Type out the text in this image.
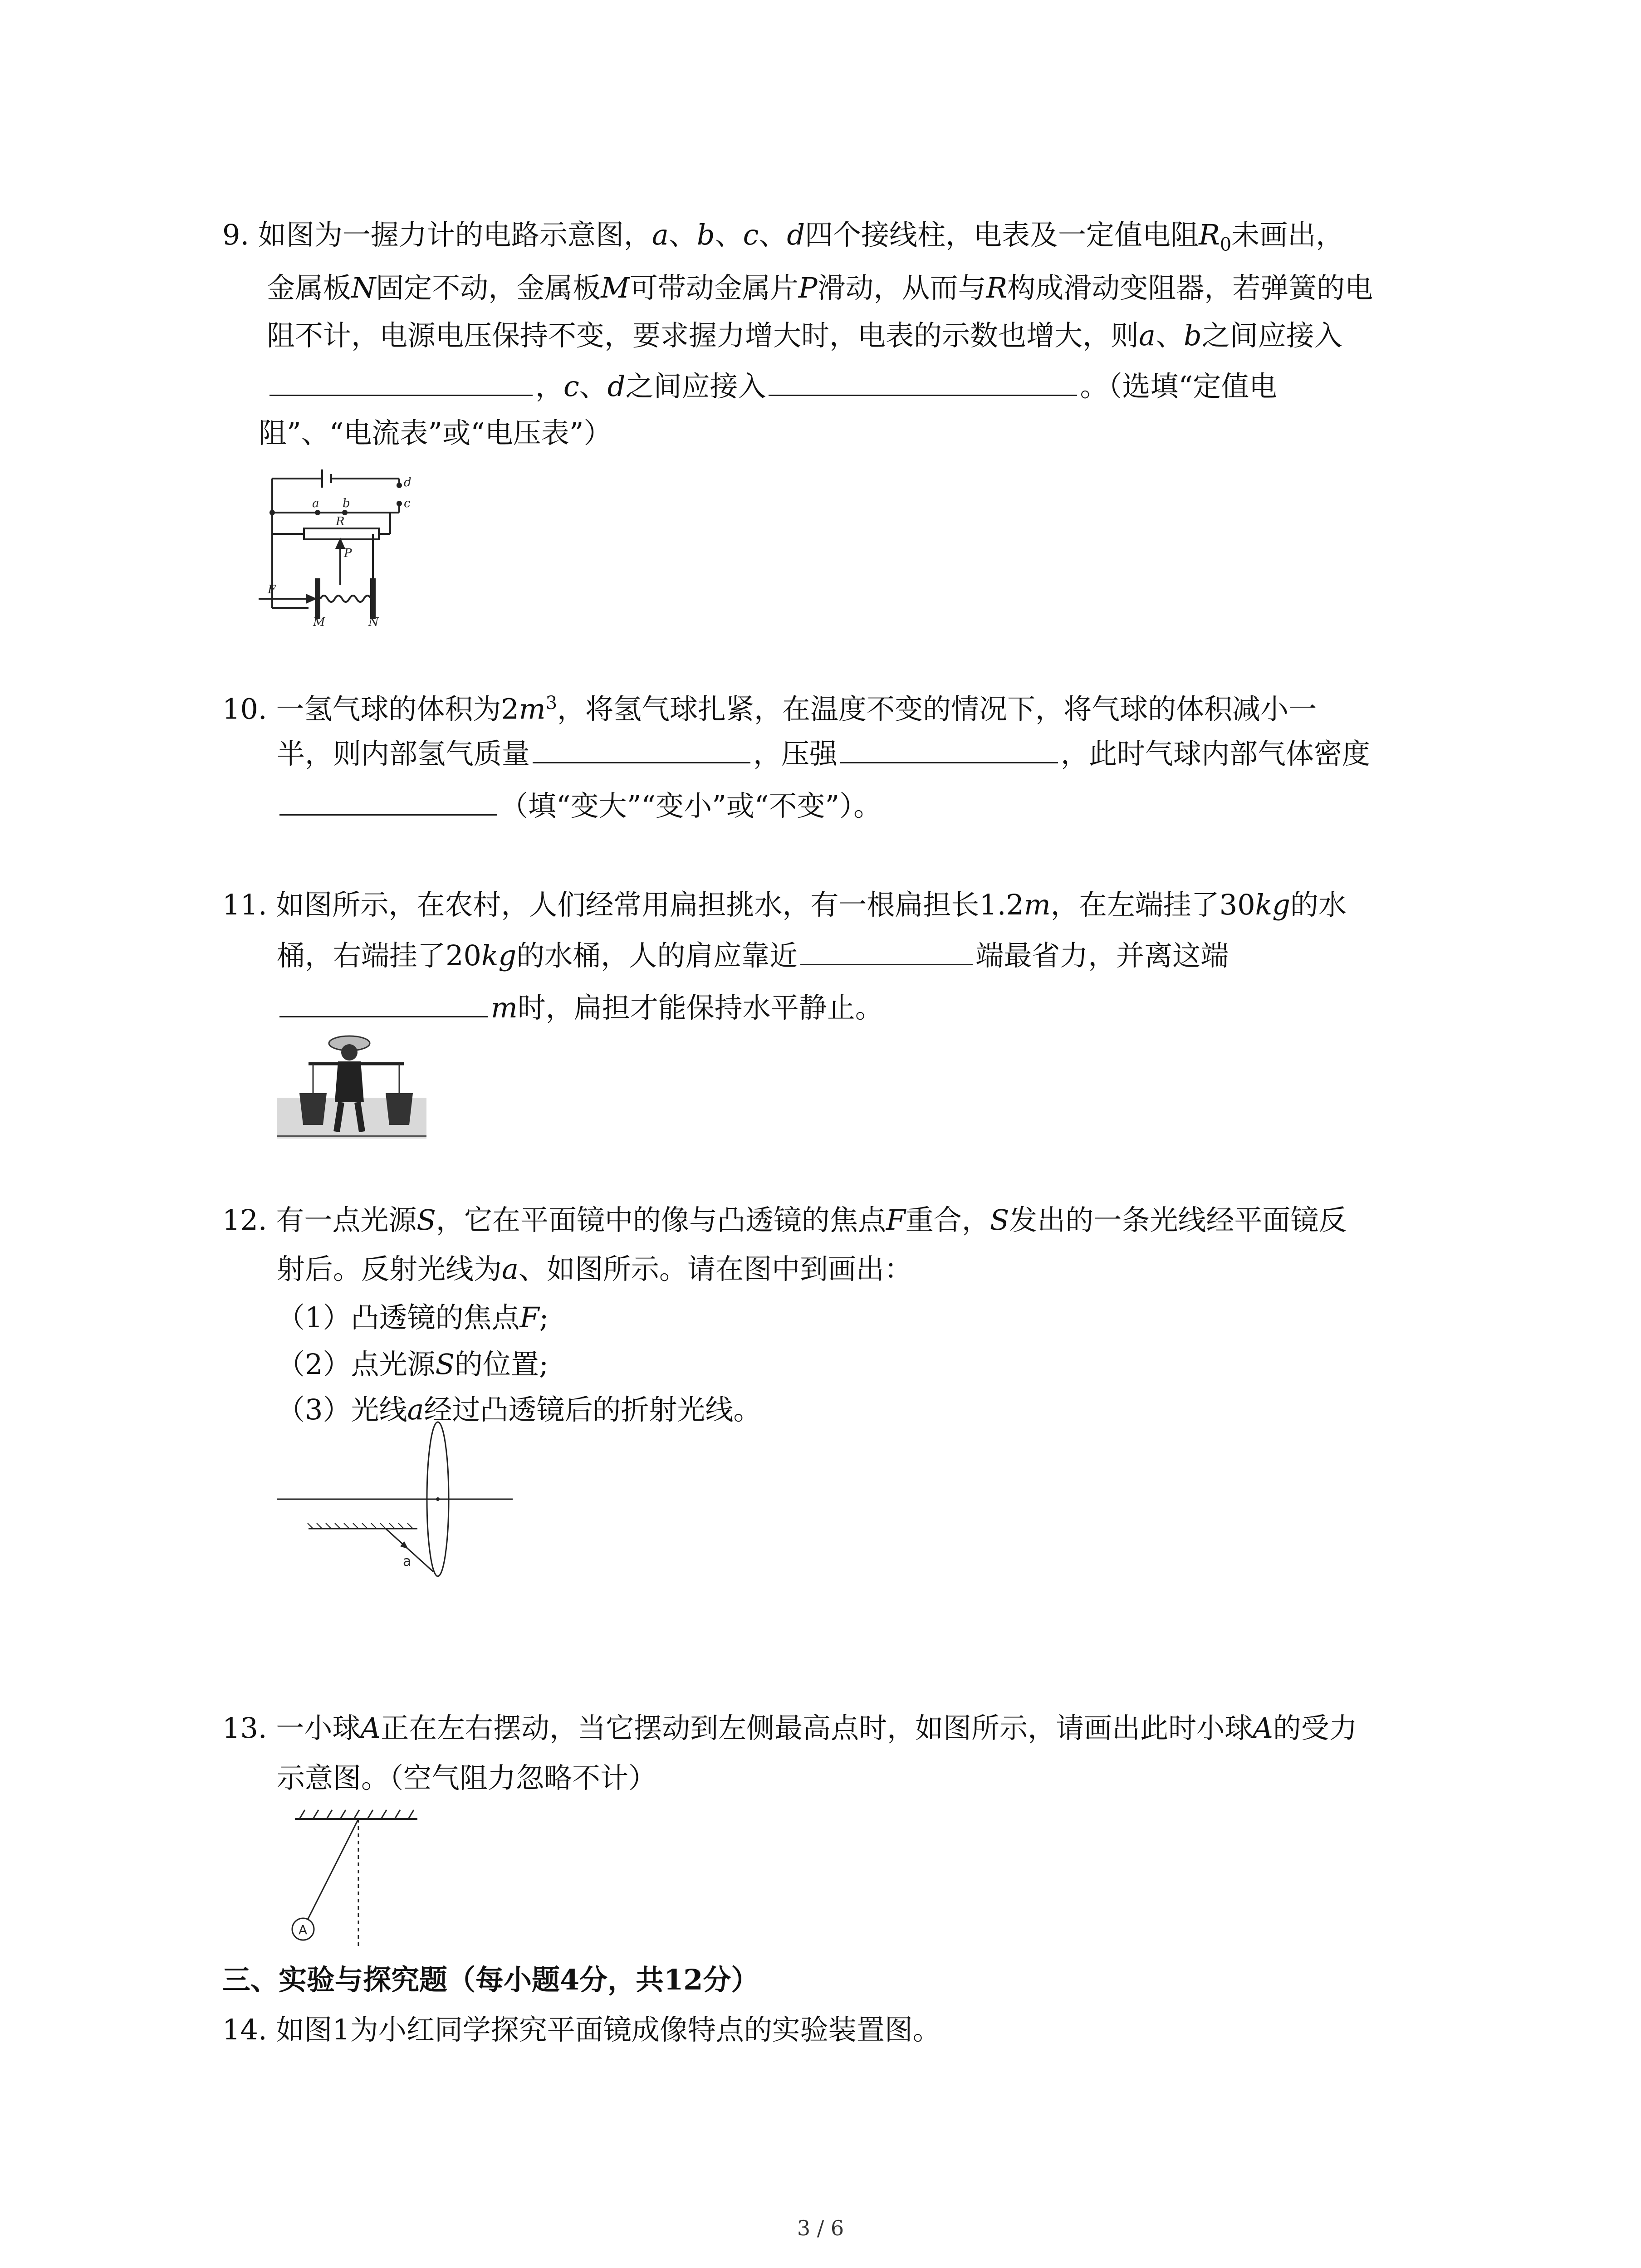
9. 如图为一握力计的电路示意图，a、b、c、d四个接线柱，电表及一定值电阻$R_0$未画出，
金属板N固定不动，金属板M可带动金属片P滑动，从而与R构成滑动变阻器，若弹簧的电
阻不计，电源电压保持不变，要求握力增大时，电表的示数也增大，则a、b之间应接入
，c、d之间应接入	。（选填“定值电
阻”、“电流表”或“电压表”）
a b	c
d
R
P
F
M	N
10. 一氢气球的体积为$2m^3$，将氢气球扎紧，在温度不变的情况下，将气球的体积减小一
半，则内部氢气质量	，压强	，此时气球内部气体密度
（填“变大”“变小”或“不变”）。
11. 如图所示，在农村，人们经常用扁担挑水，有一根扁担长1.2m，在左端挂了30kg的水
桶，右端挂了20kg的水桶，人的肩应靠近	端最省力，并离这端
m时，扁担才能保持水平静止。
12. 有一点光源S，它在平面镜中的像与凸透镜的焦点F重合，S发出的一条光线经平面镜反
射后。反射光线为a、如图所示。请在图中到画出：
（1）凸透镜的焦点F;
（2）点光源S的位置;
（3）光线a经过凸透镜后的折射光线。
a
13. 一小球A正在左右摆动，当它摆动到左侧最高点时，如图所示，请画出此时小球A的受力
示意图。（空气阻力忽略不计）
A
三、实验与探究题（每小题4分，共12分）
14. 如图1为小红同学探究平面镜成像特点的实验装置图。
3 / 6
